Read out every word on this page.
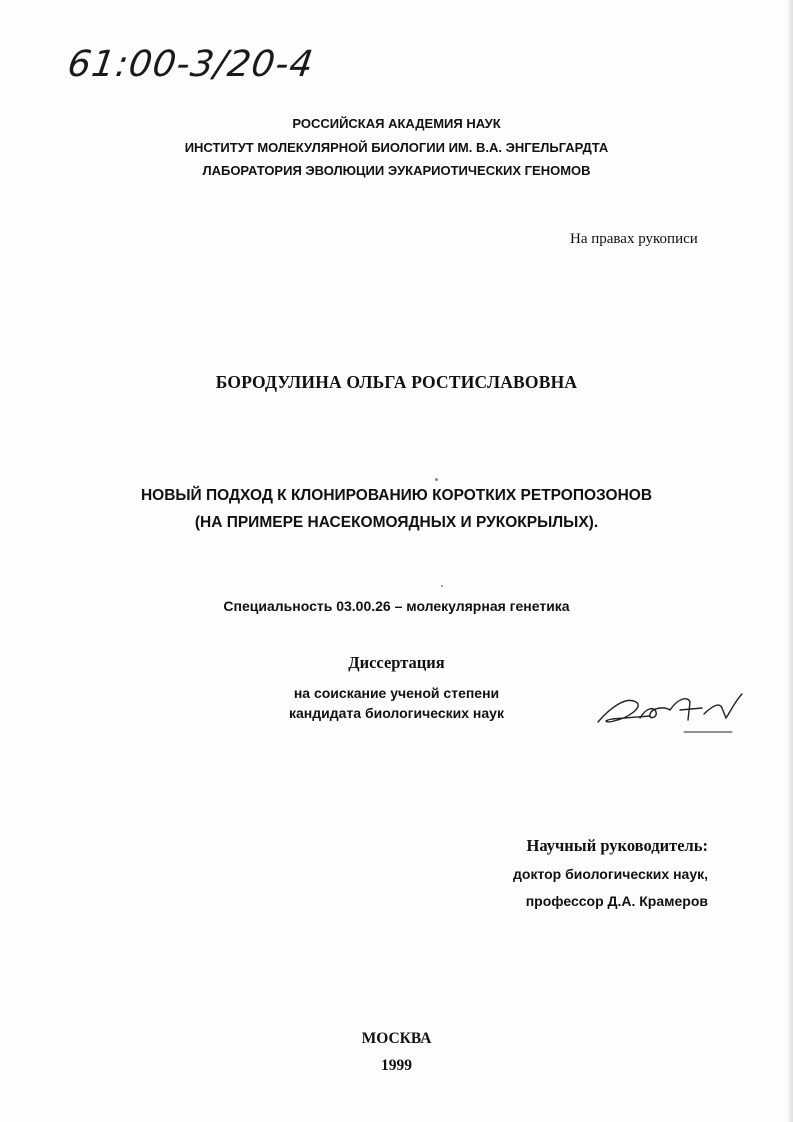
61:00-3/20-4
РОССИЙСКАЯ АКАДЕМИЯ НАУК
ИНСТИТУТ МОЛЕКУЛЯРНОЙ БИОЛОГИИ ИМ. В.А. ЭНГЕЛЬГАРДТА
ЛАБОРАТОРИЯ ЭВОЛЮЦИИ ЭУКАРИОТИЧЕСКИХ ГЕНОМОВ
На правах рукописи
БОРОДУЛИНА ОЛЬГА РОСТИСЛАВОВНА
НОВЫЙ ПОДХОД К КЛОНИРОВАНИЮ КОРОТКИХ РЕТРОПОЗОНОВ
(НА ПРИМЕРЕ НАСЕКОМОЯДНЫХ И РУКОКРЫЛЫХ).
Специальность 03.00.26 – молекулярная генетика
Диссертация
на соискание ученой степени
кандидата биологических наук
Научный руководитель:
доктор биологических наук,
профессор Д.А. Крамеров
МОСКВА
1999
